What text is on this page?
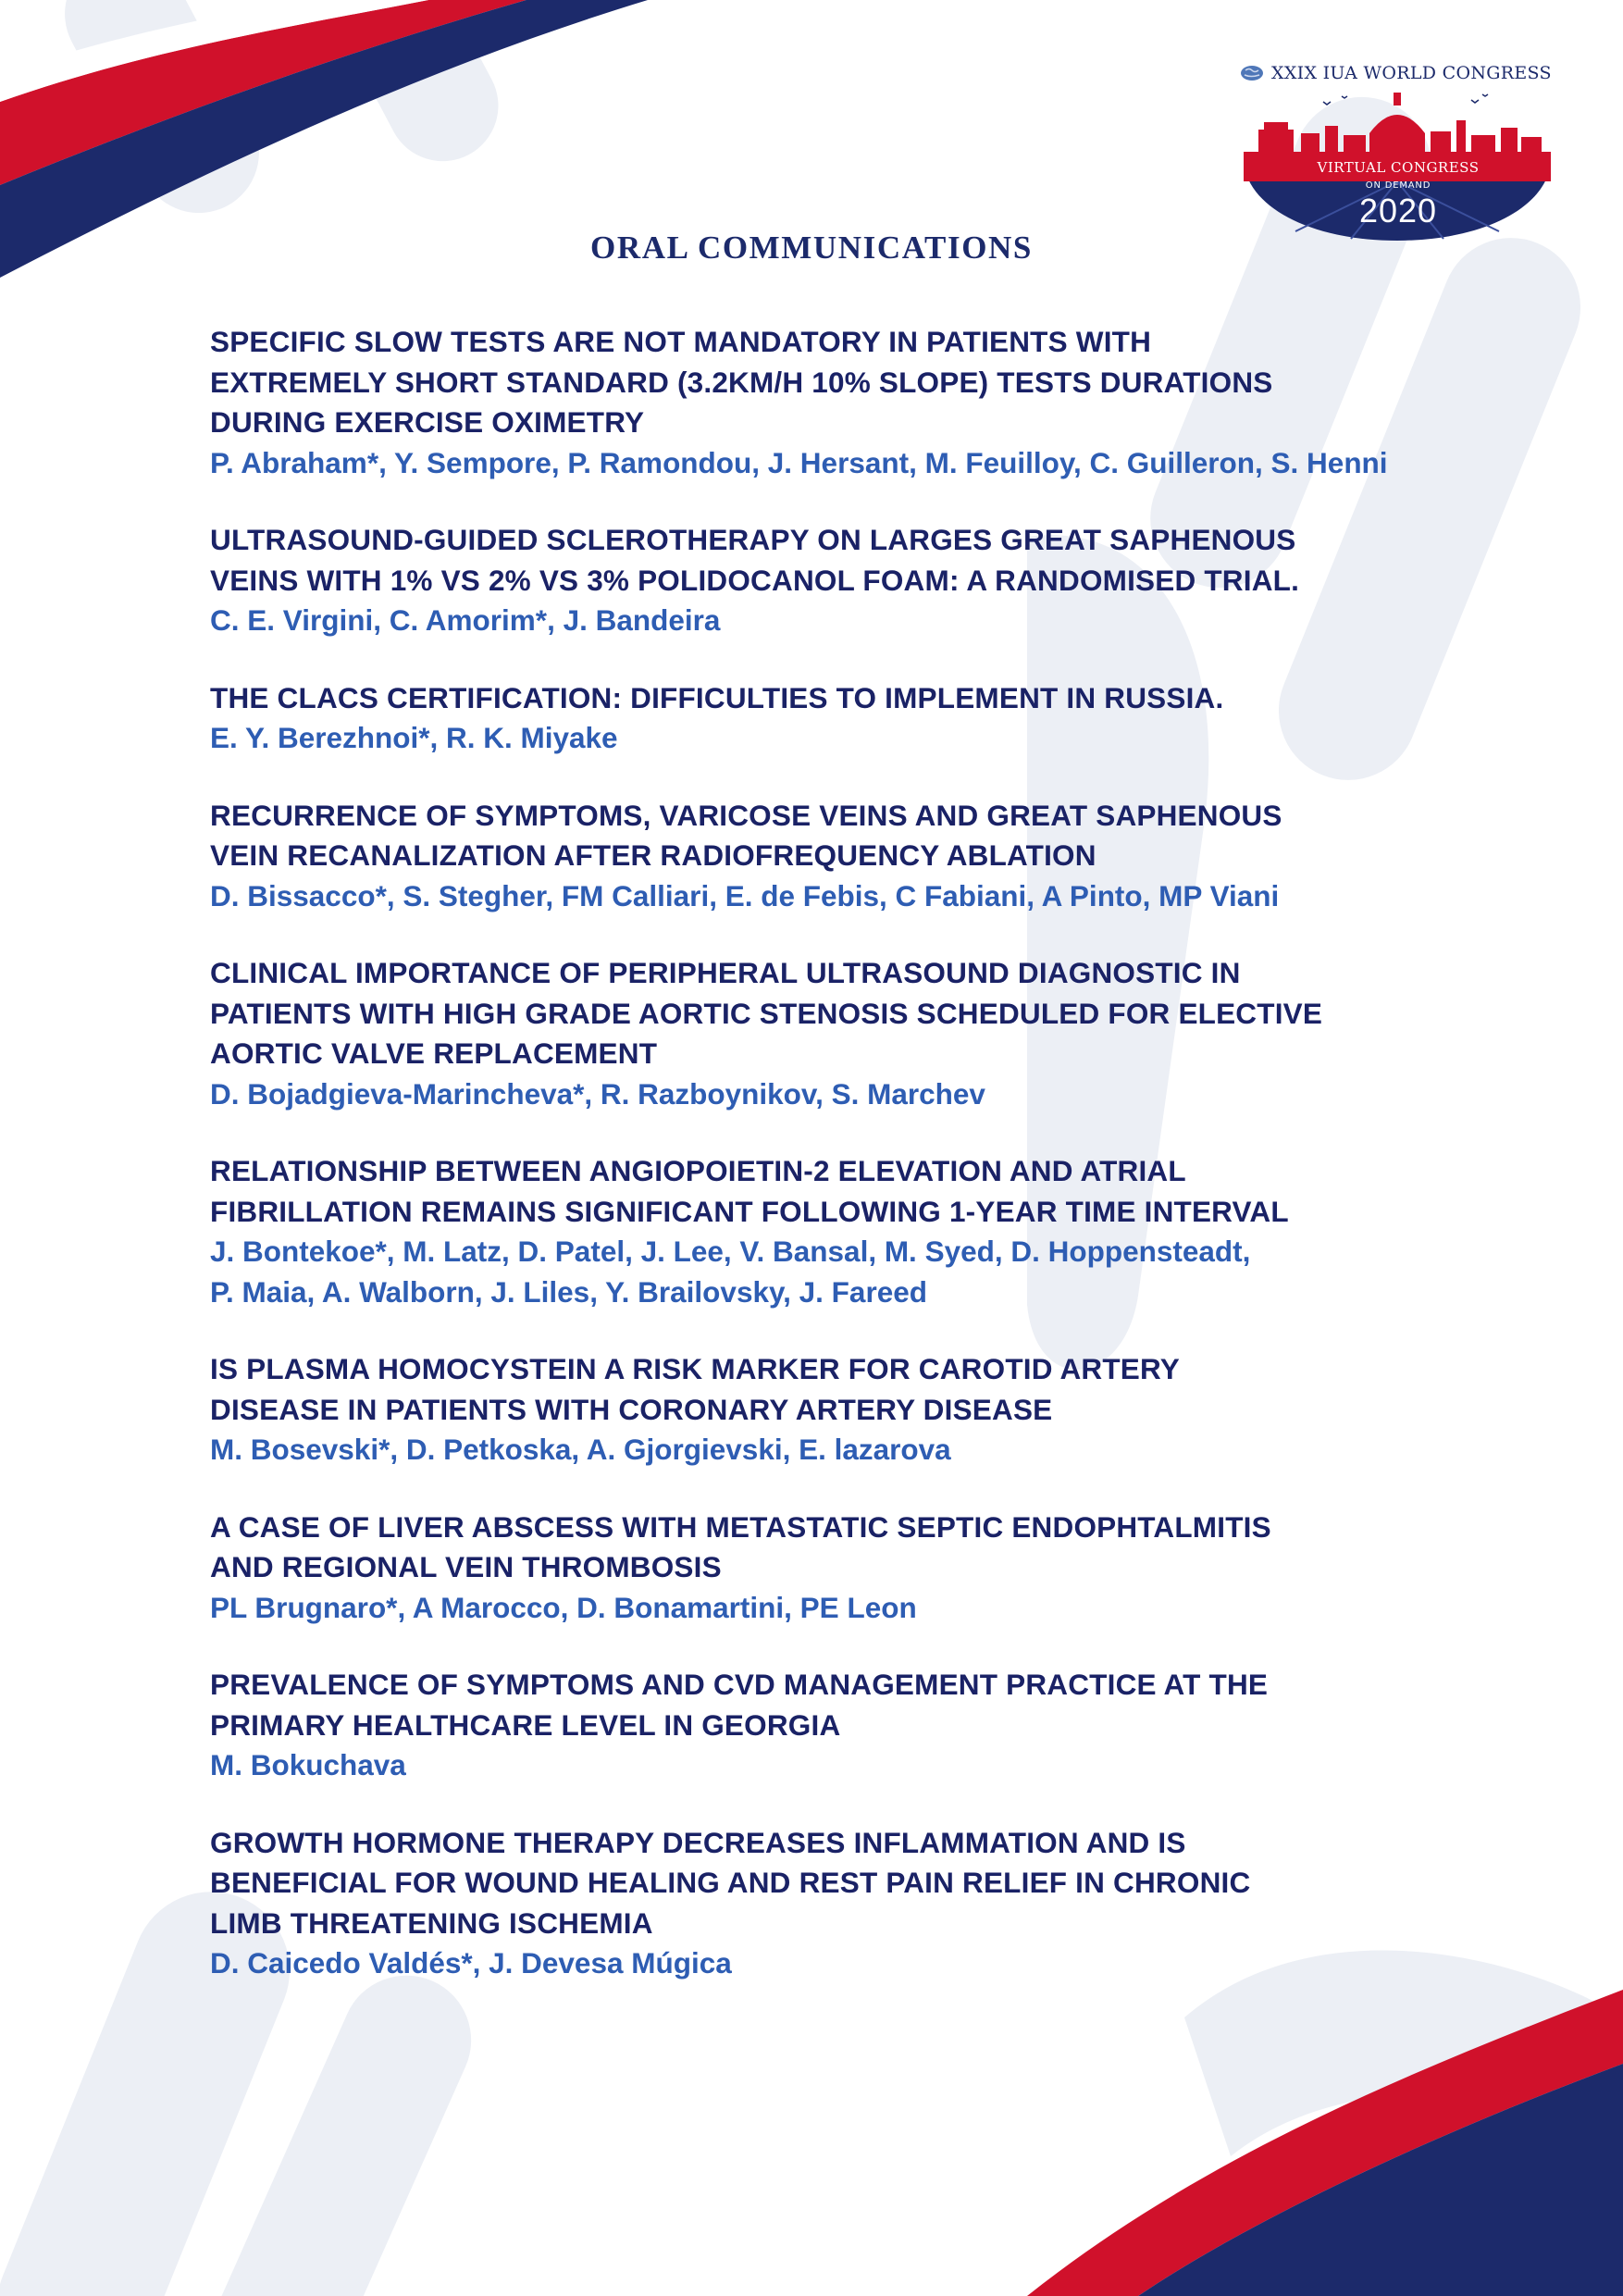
XXIX IUA WORLD CONGRESS
VIRTUAL CONGRESS
ON DEMAND
2020
ORAL COMMUNICATIONS

SPECIFIC SLOW TESTS ARE NOT MANDATORY IN PATIENTS WITH

EXTREMELY SHORT STANDARD (3.2KM/H 10% SLOPE) TESTS DURATIONS

DURING EXERCISE OXIMETRY

P. Abraham*, Y. Sempore, P. Ramondou, J. Hersant, M. Feuilloy, C. Guilleron, S. Henni

ULTRASOUND-GUIDED SCLEROTHERAPY ON LARGES GREAT SAPHENOUS

VEINS WITH 1% VS 2% VS 3% POLIDOCANOL FOAM: A RANDOMISED TRIAL.

C. E. Virgini, C. Amorim*, J. Bandeira

THE CLACS CERTIFICATION: DIFFICULTIES TO IMPLEMENT IN RUSSIA.

E. Y. Berezhnoi*, R. K. Miyake

RECURRENCE OF SYMPTOMS, VARICOSE VEINS AND GREAT SAPHENOUS

VEIN RECANALIZATION AFTER RADIOFREQUENCY ABLATION

D. Bissacco*, S. Stegher, FM Calliari, E. de Febis, C Fabiani, A Pinto, MP Viani

CLINICAL IMPORTANCE OF PERIPHERAL ULTRASOUND DIAGNOSTIC IN

PATIENTS WITH HIGH GRADE AORTIC STENOSIS SCHEDULED FOR ELECTIVE

AORTIC VALVE REPLACEMENT

D. Bojadgieva-Marincheva*, R. Razboynikov, S. Marchev

RELATIONSHIP BETWEEN ANGIOPOIETIN-2 ELEVATION AND ATRIAL

FIBRILLATION REMAINS SIGNIFICANT FOLLOWING 1-YEAR TIME INTERVAL

J. Bontekoe*, M. Latz, D. Patel, J. Lee, V. Bansal, M. Syed, D. Hoppensteadt,

P. Maia, A. Walborn, J. Liles, Y. Brailovsky, J. Fareed

IS PLASMA HOMOCYSTEIN A RISK MARKER FOR CAROTID ARTERY

DISEASE IN PATIENTS WITH CORONARY ARTERY DISEASE

M. Bosevski*, D. Petkoska, A. Gjorgievski, E. lazarova

A CASE OF LIVER ABSCESS WITH METASTATIC SEPTIC ENDOPHTALMITIS

AND REGIONAL VEIN THROMBOSIS

PL Brugnaro*, A Marocco, D. Bonamartini, PE Leon

PREVALENCE OF SYMPTOMS AND CVD MANAGEMENT PRACTICE AT THE

PRIMARY HEALTHCARE LEVEL IN GEORGIA

M. Bokuchava

GROWTH HORMONE THERAPY DECREASES INFLAMMATION AND IS

BENEFICIAL FOR WOUND HEALING AND REST PAIN RELIEF IN CHRONIC

LIMB THREATENING ISCHEMIA

D. Caicedo Valdés*, J. Devesa Múgica
